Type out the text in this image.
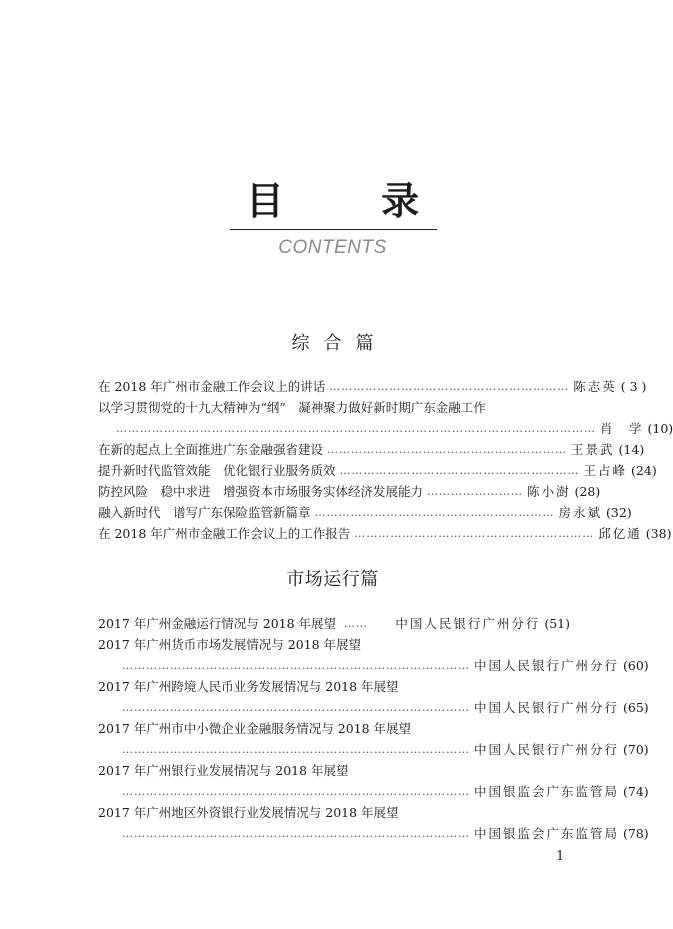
目 录
CONTENTS
综合篇
在 2018 年广州市金融工作会议上的讲话 …………………………………………………… 陈志英 ( 3 )
以学习贯彻党的十九大精神为“纲”　凝神聚力做好新时期广东金融工作
………………………………………………………………………………………………………… 肖　学 (10)
在新的起点上全面推进广东金融强省建设 …………………………………………………… 王景武 (14)
提升新时代监管效能　优化银行业服务质效 …………………………………………………… 王占峰 (24)
防控风险　稳中求进　增强资本市场服务实体经济发展能力 …………………… 陈小澍 (28)
融入新时代　谱写广东保险监管新篇章 …………………………………………………… 房永斌 (32)
在 2018 年广州市金融工作会议上的工作报告 …………………………………………………… 邱亿通 (38)
市场运行篇
2017 年广州金融运行情况与 2018 年展望 ……	中国人民银行广州分行 (51)
2017 年广州货币市场发展情况与 2018 年展望
…………………………………………………………………………… 中国人民银行广州分行 (60)
2017 年广州跨境人民币业务发展情况与 2018 年展望
…………………………………………………………………………… 中国人民银行广州分行 (65)
2017 年广州市中小微企业金融服务情况与 2018 年展望
…………………………………………………………………………… 中国人民银行广州分行 (70)
2017 年广州银行业发展情况与 2018 年展望
…………………………………………………………………………… 中国银监会广东监管局 (74)
2017 年广州地区外资银行业发展情况与 2018 年展望
…………………………………………………………………………… 中国银监会广东监管局 (78)
1
